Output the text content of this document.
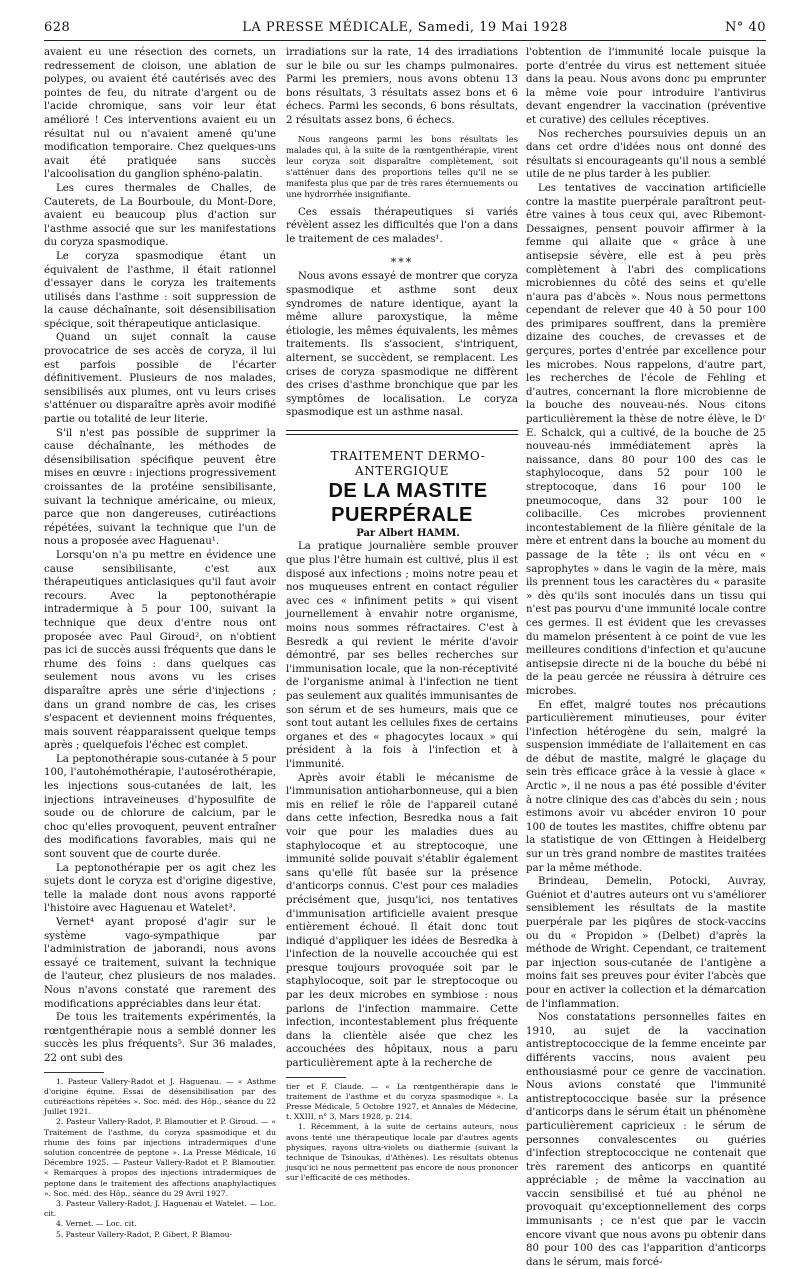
628	LA PRESSE MÉDICALE, Samedi, 19 Mai 1928	N° 40

avaient eu une résection des cornets, un redressement de cloison, une ablation de polypes, ou avaient été cautérisés avec des pointes de feu, du nitrate d'argent ou de l'acide chromique, sans voir leur état amélioré ! Ces interventions avaient eu un résultat nul ou n'avaient amené qu'une modification temporaire. Chez quelques-uns avait été pratiquée sans succès l'alcoolisation du ganglion sphéno-palatin.

Les cures thermales de Challes, de Cauterets, de La Bourboule, du Mont-Dore, avaient eu beaucoup plus d'action sur l'asthme associé que sur les manifestations du coryza spasmodique.

Le coryza spasmodique étant un équivalent de l'asthme, il était rationnel d'essayer dans le coryza les traitements utilisés dans l'asthme : soit suppression de la cause déchaînante, soit désensibilisation spécique, soit thérapeutique anticlasique.

Quand un sujet connaît la cause provocatrice de ses accès de coryza, il lui est parfois possible de l'écarter définitivement. Plusieurs de nos malades, sensibilisés aux plumes, ont vu leurs crises s'atténuer ou disparaître après avoir modifié partie ou totalité de leur literie.

S'il n'est pas possible de supprimer la cause déchaînante, les méthodes de désensibilisation spécifique peuvent être mises en œuvre : injections progressivement croissantes de la protéine sensibilisante, suivant la technique américaine, ou mieux, parce que non dangereuses, cutiréactions répétées, suivant la technique que l'un de nous a proposée avec Haguenau¹.

Lorsqu'on n'a pu mettre en évidence une cause sensibilisante, c'est aux thérapeutiques anticlasiques qu'il faut avoir recours. Avec la peptonothérapie intradermique à 5 pour 100, suivant la technique que deux d'entre nous ont proposée avec Paul Giroud², on n'obtient pas ici de succès aussi fréquents que dans le rhume des foins : dans quelques cas seulement nous avons vu les crises disparaître après une série d'injections ; dans un grand nombre de cas, les crises s'espacent et deviennent moins fréquentes, mais souvent réapparaissent quelque temps après ; quelquefois l'échec est complet.

La peptonothérapie sous-cutanée à 5 pour 100, l'autohémothérapie, l'autosérothérapie, les injections sous-cutanées de lait, les injections intraveineuses d'hyposulfite de soude ou de chlorure de calcium, par le choc qu'elles provoquent, peuvent entraîner des modifications favorables, mais qui ne sont souvent que de courte durée.

La peptonothérapie per os agit chez les sujets dont le coryza est d'origine digestive, telle la malade dont nous avons rapporté l'histoire avec Haguenau et Watelet³.

Vernet⁴ ayant proposé d'agir sur le système vago-sympathique par l'administration de jaborandi, nous avons essayé ce traitement, suivant la technique de l'auteur, chez plusieurs de nos malades. Nous n'avons constaté que rarement des modifications appréciables dans leur état.

De tous les traitements expérimentés, la rœntgenthérapie nous a semblé donner les succès les plus fréquents⁵. Sur 36 malades, 22 ont subi des

1. Pasteur Vallery-Radot et J. Haguenau. — « Asthme d'origine équine. Essai de désensibilisation par des cutiréactions répétées ». Soc. méd. des Hôp., séance du 22 Juillet 1921.

2. Pasteur Vallery-Radot, P. Blamoutier et P. Giroud. — « Traitement de l'asthme, du coryza spasmodique et du rhume des foins par injections intradermiques d'une solution concentrée de peptone ». La Presse Médicale, 16 Décembre 1925. — Pasteur Vallery-Radot et P. Blamoutier. « Remarques à propos des injections intradermiques de peptone dans le traitement des affections anaphylactiques ». Soc. méd. des Hôp., séance du 29 Avril 1927.

3. Pasteur Vallery-Radot, J. Haguenau et Watelet. — Loc. cit.

4. Vernet. — Loc. cit.

5. Pasteur Vallery-Radot, P. Gibert, P. Blamou-

irradiations sur la rate, 14 des irradiations sur le bile ou sur les champs pulmonaires. Parmi les premiers, nous avons obtenu 13 bons résultats, 3 résultats assez bons et 6 échecs. Parmi les seconds, 6 bons résultats, 2 résultats assez bons, 6 échecs.

Nous rangeons parmi les bons résultats les malades qui, à la suite de la rœntgenthérapie, virent leur coryza soit disparaître complètement, soit s'atténuer dans des proportions telles qu'il ne se manifesta plus que par de très rares éternuements ou une hydrorrhée insignifiante.

Ces essais thérapeutiques si variés révèlent assez les difficultés que l'on a dans le traitement de ces malades¹.

⁎⁎⁎

Nous avons essayé de montrer que coryza spasmodique et asthme sont deux syndromes de nature identique, ayant la même allure paroxystique, la même étiologie, les mêmes équivalents, les mêmes traitements. Ils s'associent, s'intriquent, alternent, se succèdent, se remplacent. Les crises de coryza spasmodique ne diffèrent des crises d'asthme bronchique que par les symptômes de localisation. Le coryza spasmodique est un asthme nasal.

TRAITEMENT DERMO-ANTERGIQUE

DE LA MASTITE PUERPÉRALE

Par Albert HAMM.

La pratique journalière semble prouver que plus l'être humain est cultivé, plus il est disposé aux infections ; moins notre peau et nos muqueuses entrent en contact régulier avec ces « infiniment petits » qui visent journellement à envahir notre organisme, moins nous sommes réfractaires. C'est à Besredk a qui revient le mérite d'avoir démontré, par ses belles recherches sur l'immunisation locale, que la non-réceptivité de l'organisme animal à l'infection ne tient pas seulement aux qualités immunisantes de son sérum et de ses humeurs, mais que ce sont tout autant les cellules fixes de certains organes et des « phagocytes locaux » qui président à la fois à l'infection et à l'immunité.

Après avoir établi le mécanisme de l'immunisation antioharbonneuse, qui a bien mis en relief le rôle de l'appareil cutané dans cette infection, Besredka nous a fait voir que pour les maladies dues au staphylocoque et au streptocoque, une immunité solide pouvait s'établir également sans qu'elle fût basée sur la présence d'anticorps connus. C'est pour ces maladies précisément que, jusqu'ici, nos tentatives d'immunisation artificielle avaient presque entièrement échoué. Il était donc tout indiqué d'appliquer les idées de Besredka à l'infection de la nouvelle accouchée qui est presque toujours provoquée soit par le staphylocoque, soit par le streptocoque ou par les deux microbes en symbiose : nous parlons de l'infection mammaire. Cette infection, incontestablement plus fréquente dans la clientèle aisée que chez les accouchées des hôpitaux, nous a paru particulièrement apte à la recherche de

tier et F. Claude. — « La rœntgenthérapie dans le traitement de l'asthme et du coryza spasmodique ». La Presse Médicale, 5 Octobre 1927, et Annales de Médecine, t. XXIII, n° 3, Mars 1928, p. 214.

1. Récemment, à la suite de certains auteurs, nous avons tenté une thérapeutique locale par d'autres agents physiques, rayons ultra-violets ou diathermie (suivant la technique de Tsinoukas, d'Athènes). Les résultats obtenus jusqu'ici ne nous permettent pas encore de nous prononcer sur l'efficacité de ces méthodes.

l'obtention de l'immunité locale puisque la porte d'entrée du virus est nettement située dans la peau. Nous avons donc pu emprunter la même voie pour introduire l'antivirus devant engendrer la vaccination (préventive et curative) des cellules réceptives.

Nos recherches poursuivies depuis un an dans cet ordre d'idées nous ont donné des résultats si encourageants qu'il nous a semblé utile de ne plus tarder à les publier.

Les tentatives de vaccination artificielle contre la mastite puerpérale paraîtront peut-être vaines à tous ceux qui, avec Ribemont-Dessaignes, pensent pouvoir affirmer à la femme qui allaite que « grâce à une antisepsie sévère, elle est à peu près complètement à l'abri des complications microbiennes du côté des seins et qu'elle n'aura pas d'abcès ». Nous nous permettons cependant de relever que 40 à 50 pour 100 des primipares souffrent, dans la première dizaine des couches, de crevasses et de gerçures, portes d'entrée par excellence pour les microbes. Nous rappelons, d'autre part, les recherches de l'école de Fehling et d'autres, concernant la flore microbienne de la bouche des nouveau-nés. Nous citons particulièrement la thèse de notre élève, le Dʳ E. Schalck, qui a cultivé, de la bouche de 25 nouveau-nés immédiatement après la naissance, dans 80 pour 100 des cas le staphylocoque, dans 52 pour 100 le streptocoque, dans 16 pour 100 le pneumocoque, dans 32 pour 100 le colibacille. Ces microbes proviennent incontestablement de la filière génitale de la mère et entrent dans la bouche au moment du passage de la tête ; ils ont vécu en « saprophytes » dans le vagin de la mère, mais ils prennent tous les caractères du « parasite » dès qu'ils sont inoculés dans un tissu qui n'est pas pourvu d'une immunité locale contre ces germes. Il est évident que les crevasses du mamelon présentent à ce point de vue les meilleures conditions d'infection et qu'aucune antisepsie directe ni de la bouche du bébé ni de la peau gercée ne réussira à détruire ces microbes.

En effet, malgré toutes nos précautions particulièrement minutieuses, pour éviter l'infection hétérogène du sein, malgré la suspension immédiate de l'allaitement en cas de début de mastite, malgré le glaçage du sein très efficace grâce à la vessie à glace « Arctic », il ne nous a pas été possible d'éviter à notre clinique des cas d'abcès du sein ; nous estimons avoir vu abcéder environ 10 pour 100 de toutes les mastites, chiffre obtenu par la statistique de von Œttingen à Heidelberg sur un très grand nombre de mastites traitées par la même méthode.

Brindeau, Demelin, Potocki, Auvray, Guéniot et d'autres auteurs ont vu s'améliorer sensiblement les résultats de la mastite puerpérale par les piqûres de stock-vaccins ou du « Propidon » (Delbet) d'après la méthode de Wright. Cependant, ce traitement par injection sous-cutanée de l'antigène a moins fait ses preuves pour éviter l'abcès que pour en activer la collection et la démarcation de l'inflammation.

Nos constatations personnelles faites en 1910, au sujet de la vaccination antistreptococcique de la femme enceinte par différents vaccins, nous avaient peu enthousiasmé pour ce genre de vaccination. Nous avions constaté que l'immunité antistreptococcique basée sur la présence d'anticorps dans le sérum était un phénomène particulièrement capricieux : le sérum de personnes convalescentes ou guéries d'infection streptococcique ne contenait que très rarement des anticorps en quantité appréciable ; de même la vaccination au vaccin sensibilisé et tué au phénol ne provoquait qu'exceptionnellement des corps immunisants ; ce n'est que par le vaccin encore vivant que nous avons pu obtenir dans 80 pour 100 des cas l'apparition d'anticorps dans le sérum, mais forcé-
